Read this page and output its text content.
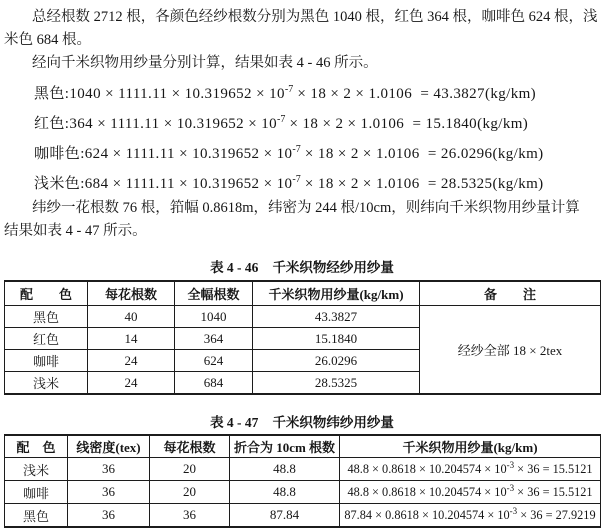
总经根数 2712 根，各颜色经纱根数分别为黑色 1040 根，红色 364 根，咖啡色 624 根，浅
米色 684 根。
经向千米织物用纱量分别计算，结果如表 4 - 46 所示。
黑色:1040 × $1111.11 \times 10.319652 \times 10^{-7} \times 18 \times 2 \times 1.0106 = 43.3827(kg/km)$
红色:364 × $1111.11 \times 10.319652 \times 10^{-7} \times 18 \times 2 \times 1.0106 = 15.1840(kg/km)$
咖啡色:624 × $1111.11 \times 10.319652 \times 10^{-7} \times 18 \times 2 \times 1.0106 = 26.0296(kg/km)$
浅米色:684 × $1111.11 \times 10.319652 \times 10^{-7} \times 18 \times 2 \times 1.0106 = 28.5325(kg/km)$
纬纱一花根数 76 根，筘幅 0.8618m，纬密为 244 根/10cm，则纬向千米织物用纱量计算
结果如表 4 - 47 所示。
表 4 - 46 千米织物经纱用纱量
配　　色	每花根数	全幅根数	千米织物用纱量(kg/km)	备　　注
黑色	40	1040	43.3827	经纱全部 18 × 2tex
红色	14	364	15.1840	
咖啡	24	624	26.0296	
浅米	24	684	28.5325	
表 4 - 47 千米织物纬纱用纱量
配　色	线密度(tex)	每花根数	折合为 10cm 根数	千米织物用纱量(kg/km)
浅米	36	20	48.8	$48.8 \times 0.8618 \times 10.204574 \times 10^{-3} \times 36 = 15.5121$
咖啡	36	20	48.8	$48.8 \times 0.8618 \times 10.204574 \times 10^{-3} \times 36 = 15.5121$
黑色	36	36	87.84	$87.84 \times 0.8618 \times 10.204574 \times 10^{-3} \times 36 = 27.9219$
